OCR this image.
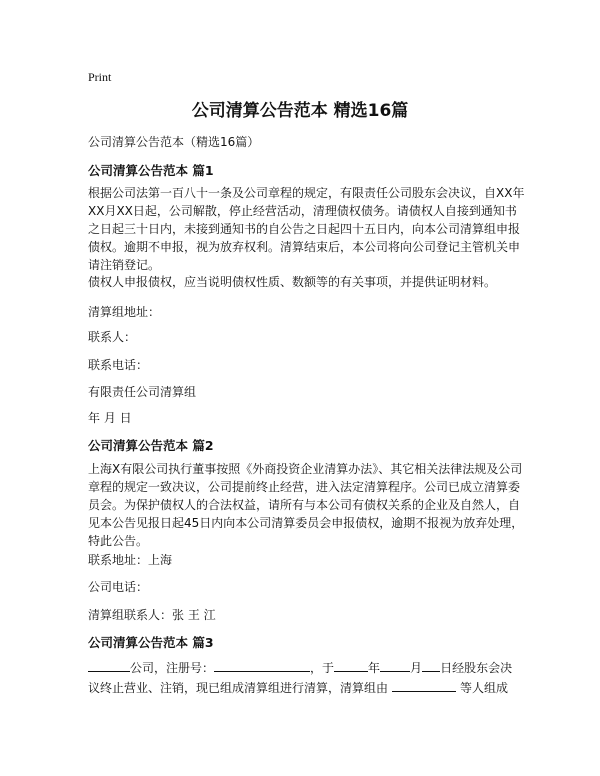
Print
公司清算公告范本 精选16篇
公司清算公告范本（精选16篇）
公司清算公告范本 篇1
根据公司法第一百八十一条及公司章程的规定，有限责任公司股东会决议，自XX年XX月XX日起，公司解散，停止经营活动，清理债权债务。请债权人自接到通知书之日起三十日内，未接到通知书的自公告之日起四十五日内，向本公司清算组申报债权。逾期不申报，视为放弃权利。清算结束后，本公司将向公司登记主管机关申请注销登记。
债权人申报债权，应当说明债权性质、数额等的有关事项，并提供证明材料。
清算组地址：
联系人：
联系电话：
有限责任公司清算组
年 月 日
公司清算公告范本 篇2
上海X有限公司执行董事按照《外商投资企业清算办法》、其它相关法律法规及公司章程的规定一致决议，公司提前终止经营，进入法定清算程序。公司已成立清算委员会。为保护债权人的合法权益，请所有与本公司有债权关系的企业及自然人，自见本公告见报日起45日内向本公司清算委员会申报债权，逾期不报视为放弃处理，特此公告。
联系地址：上海
公司电话：
清算组联系人：张 王 江
公司清算公告范本 篇3
公司，注册号：	，于	年	月 日经股东会决
议终止营业、注销，现已组成清算组进行清算，清算组由	等人组成
